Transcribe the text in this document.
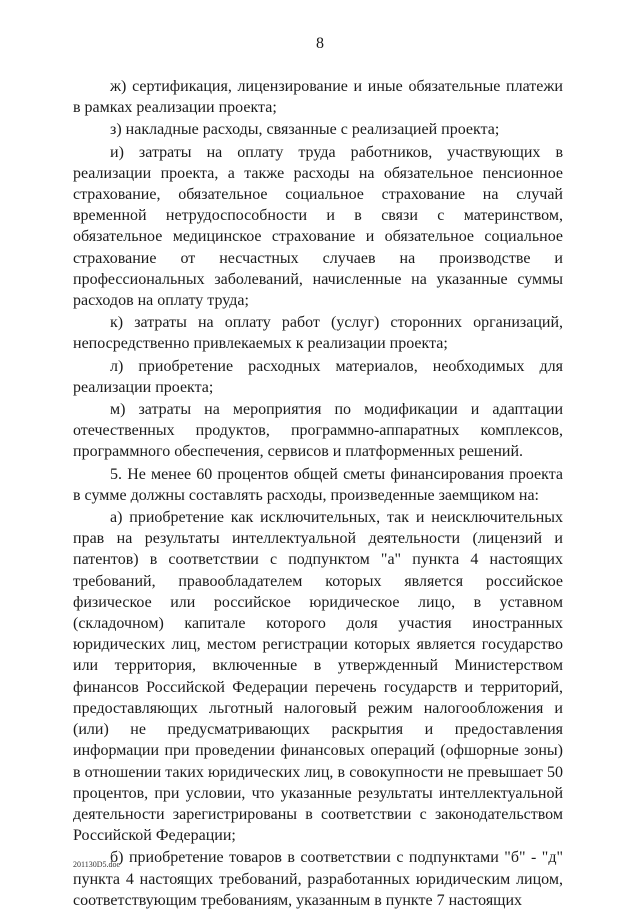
8

ж) сертификация, лицензирование и иные обязательные платежи в рамках реализации проекта;

з) накладные расходы, связанные с реализацией проекта;

и) затраты на оплату труда работников, участвующих в реализации проекта, а также расходы на обязательное пенсионное страхование, обязательное социальное страхование на случай временной нетрудоспособности и в связи с материнством, обязательное медицинское страхование и обязательное социальное страхование от несчастных случаев на производстве и профессиональных заболеваний, начисленные на указанные суммы расходов на оплату труда;

к) затраты на оплату работ (услуг) сторонних организаций, непосредственно привлекаемых к реализации проекта;

л) приобретение расходных материалов, необходимых для реализации проекта;

м) затраты на мероприятия по модификации и адаптации отечественных продуктов, программно-аппаратных комплексов, программного обеспечения, сервисов и платформенных решений.

5. Не менее 60 процентов общей сметы финансирования проекта в сумме должны составлять расходы, произведенные заемщиком на:

а) приобретение как исключительных, так и неисключительных прав на результаты интеллектуальной деятельности (лицензий и патентов) в соответствии с подпунктом "а" пункта 4 настоящих требований, правообладателем которых является российское физическое или российское юридическое лицо, в уставном (складочном) капитале которого доля участия иностранных юридических лиц, местом регистрации которых является государство или территория, включенные в утвержденный Министерством финансов Российской Федерации перечень государств и территорий, предоставляющих льготный налоговый режим налогообложения и (или) не предусматривающих раскрытия и предоставления информации при проведении финансовых операций (офшорные зоны) в отношении таких юридических лиц, в совокупности не превышает 50 процентов, при условии, что указанные результаты интеллектуальной деятельности зарегистрированы в соответствии с законодательством Российской Федерации;

б) приобретение товаров в соответствии с подпунктами "б" - "д" пункта 4 настоящих требований, разработанных юридическим лицом, соответствующим требованиям, указанным в пункте 7 настоящих

201130D5.doc
